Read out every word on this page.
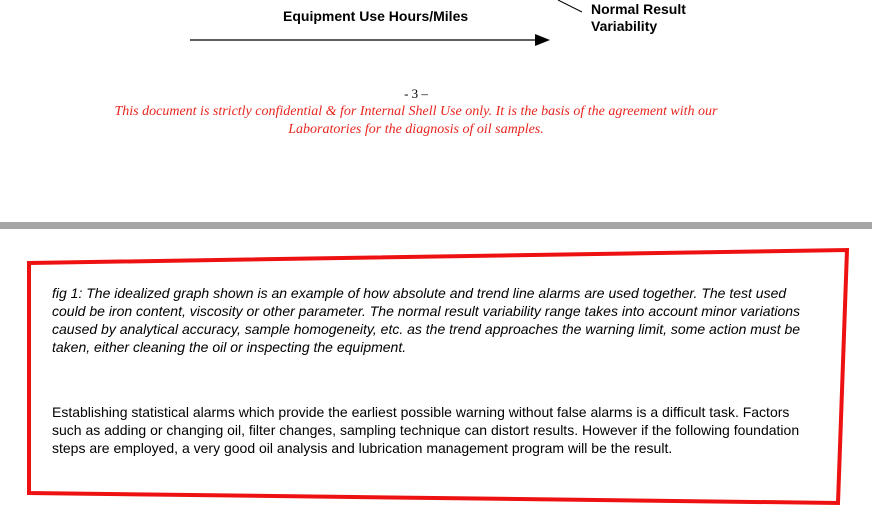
Equipment Use Hours/Miles	Normal Result
Variability
- 3 –
This document is strictly confidential & for Internal Shell Use only. It is the basis of the agreement with our
Laboratories for the diagnosis of oil samples.
fig 1: The idealized graph shown is an example of how absolute and trend line alarms are used together. The test used could be iron content, viscosity or other parameter. The normal result variability range takes into account minor variations caused by analytical accuracy, sample homogeneity, etc. as the trend approaches the warning limit, some action must be taken, either cleaning the oil or inspecting the equipment.
Establishing statistical alarms which provide the earliest possible warning without false alarms is a difficult task. Factors such as adding or changing oil, filter changes, sampling technique can distort results. However if the following foundation steps are employed, a very good oil analysis and lubrication management program will be the result.
